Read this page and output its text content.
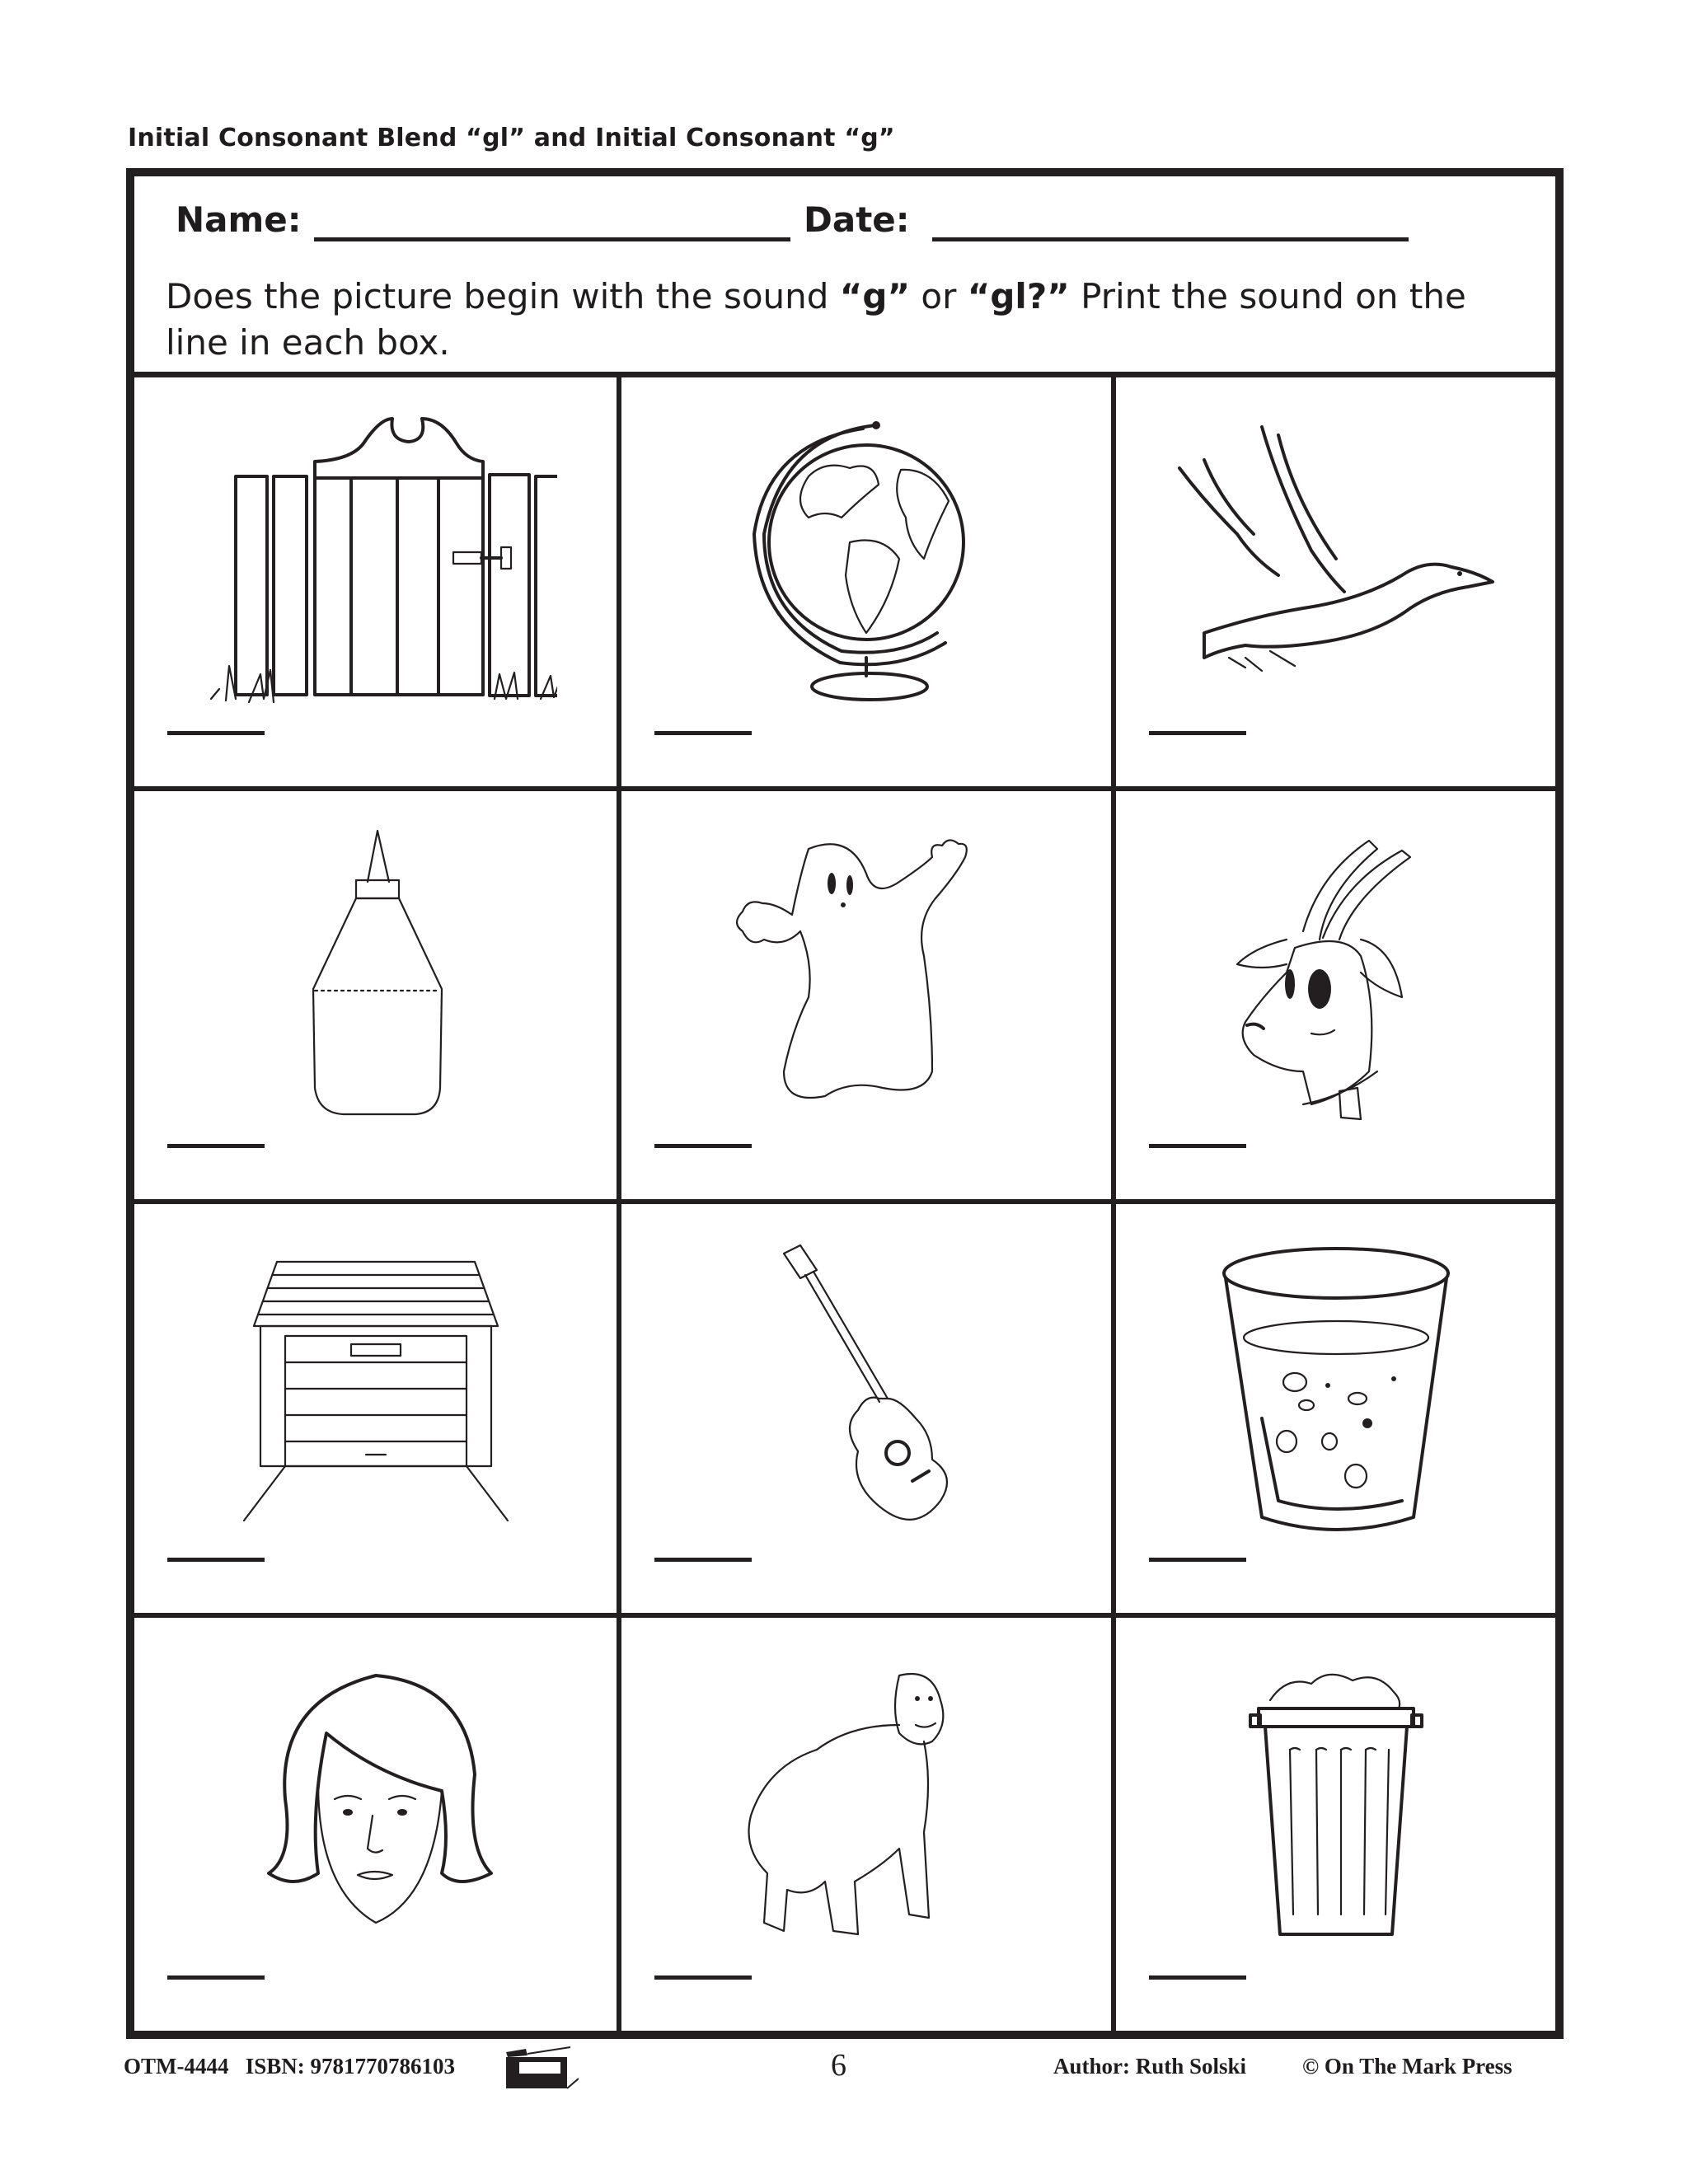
Initial Consonant Blend “gl” and Initial Consonant “g”
Name:	Date:
Does the picture begin with the sound “g” or “gl?” Print the sound on the line in each box.
OTM-4444 ISBN: 9781770786103	6	Author: Ruth Solski	© On The Mark Press
